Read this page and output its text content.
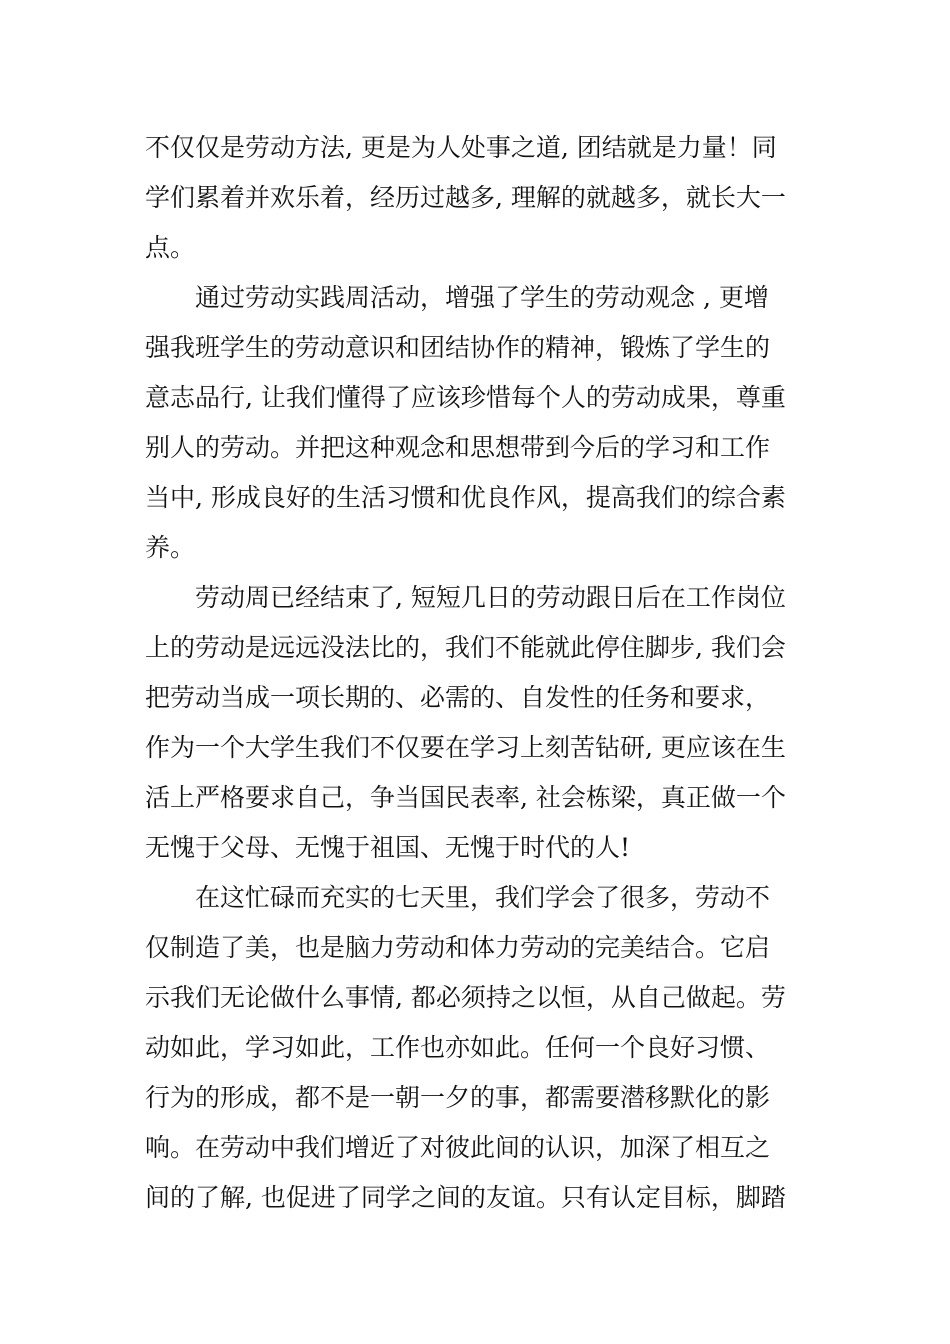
不仅仅是劳动方法, 更是为人处事之道, 团结就是力量！同
学们累着并欢乐着，经历过越多, 理解的就越多，就长大一
点。
通过劳动实践周活动，增强了学生的劳动观念 , 更增
强我班学生的劳动意识和团结协作的精神，锻炼了学生的
意志品行, 让我们懂得了应该珍惜每个人的劳动成果，尊重
别人的劳动。并把这种观念和思想带到今后的学习和工作
当中, 形成良好的生活习惯和优良作风，提高我们的综合素
养。
劳动周已经结束了, 短短几日的劳动跟日后在工作岗位
上的劳动是远远没法比的，我们不能就此停住脚步, 我们会
把劳动当成一项长期的、必需的、自发性的任务和要求，
作为一个大学生我们不仅要在学习上刻苦钻研, 更应该在生
活上严格要求自己，争当国民表率, 社会栋梁，真正做一个
无愧于父母、无愧于祖国、无愧于时代的人!
在这忙碌而充实的七天里，我们学会了很多，劳动不
仅制造了美，也是脑力劳动和体力劳动的完美结合。它启
示我们无论做什么事情, 都必须持之以恒，从自己做起。劳
动如此，学习如此，工作也亦如此。任何一个良好习惯、
行为的形成，都不是一朝一夕的事，都需要潜移默化的影
响。在劳动中我们增近了对彼此间的认识，加深了相互之
间的了解, 也促进了同学之间的友谊。只有认定目标，脚踏
